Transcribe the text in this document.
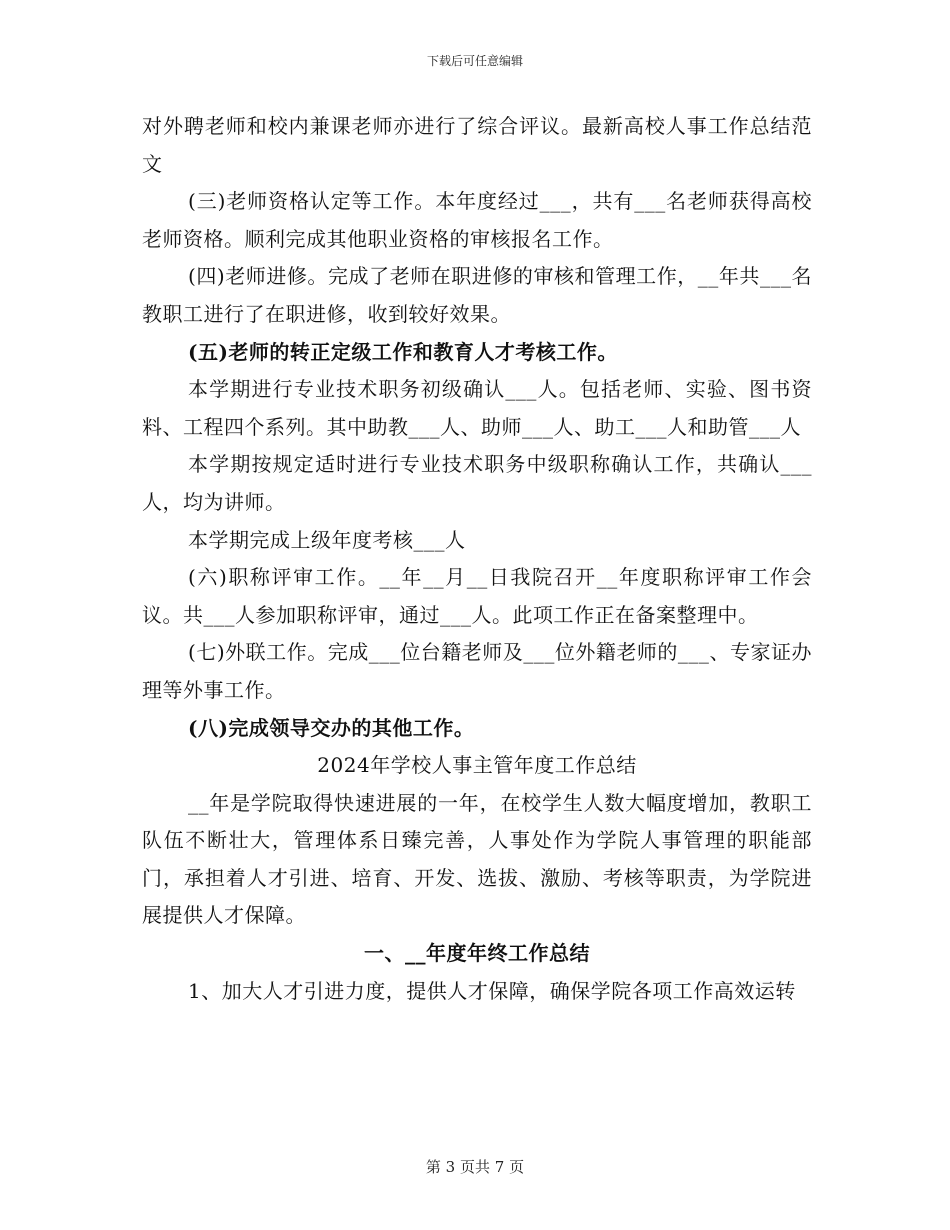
下载后可任意编辑

对外聘老师和校内兼课老师亦进行了综合评议。最新高校人事工作总结范文

(三)老师资格认定等工作。本年度经过___，共有___名老师获得高校老师资格。顺利完成其他职业资格的审核报名工作。

(四)老师进修。完成了老师在职进修的审核和管理工作，__年共___名教职工进行了在职进修，收到较好效果。

(五)老师的转正定级工作和教育人才考核工作。

本学期进行专业技术职务初级确认___人。包括老师、实验、图书资料、工程四个系列。其中助教___人、助师___人、助工___人和助管___人

本学期按规定适时进行专业技术职务中级职称确认工作，共确认___人，均为讲师。

本学期完成上级年度考核___人

(六)职称评审工作。__年__月__日我院召开__年度职称评审工作会议。共___人参加职称评审，通过___人。此项工作正在备案整理中。

(七)外联工作。完成___位台籍老师及___位外籍老师的___、专家证办理等外事工作。

(八)完成领导交办的其他工作。

2024年学校人事主管年度工作总结

__年是学院取得快速进展的一年，在校学生人数大幅度增加，教职工队伍不断壮大，管理体系日臻完善，人事处作为学院人事管理的职能部门，承担着人才引进、培育、开发、选拔、激励、考核等职责，为学院进展提供人才保障。

一、__年度年终工作总结

1、加大人才引进力度，提供人才保障，确保学院各项工作高效运转

第 3 页共 7 页
